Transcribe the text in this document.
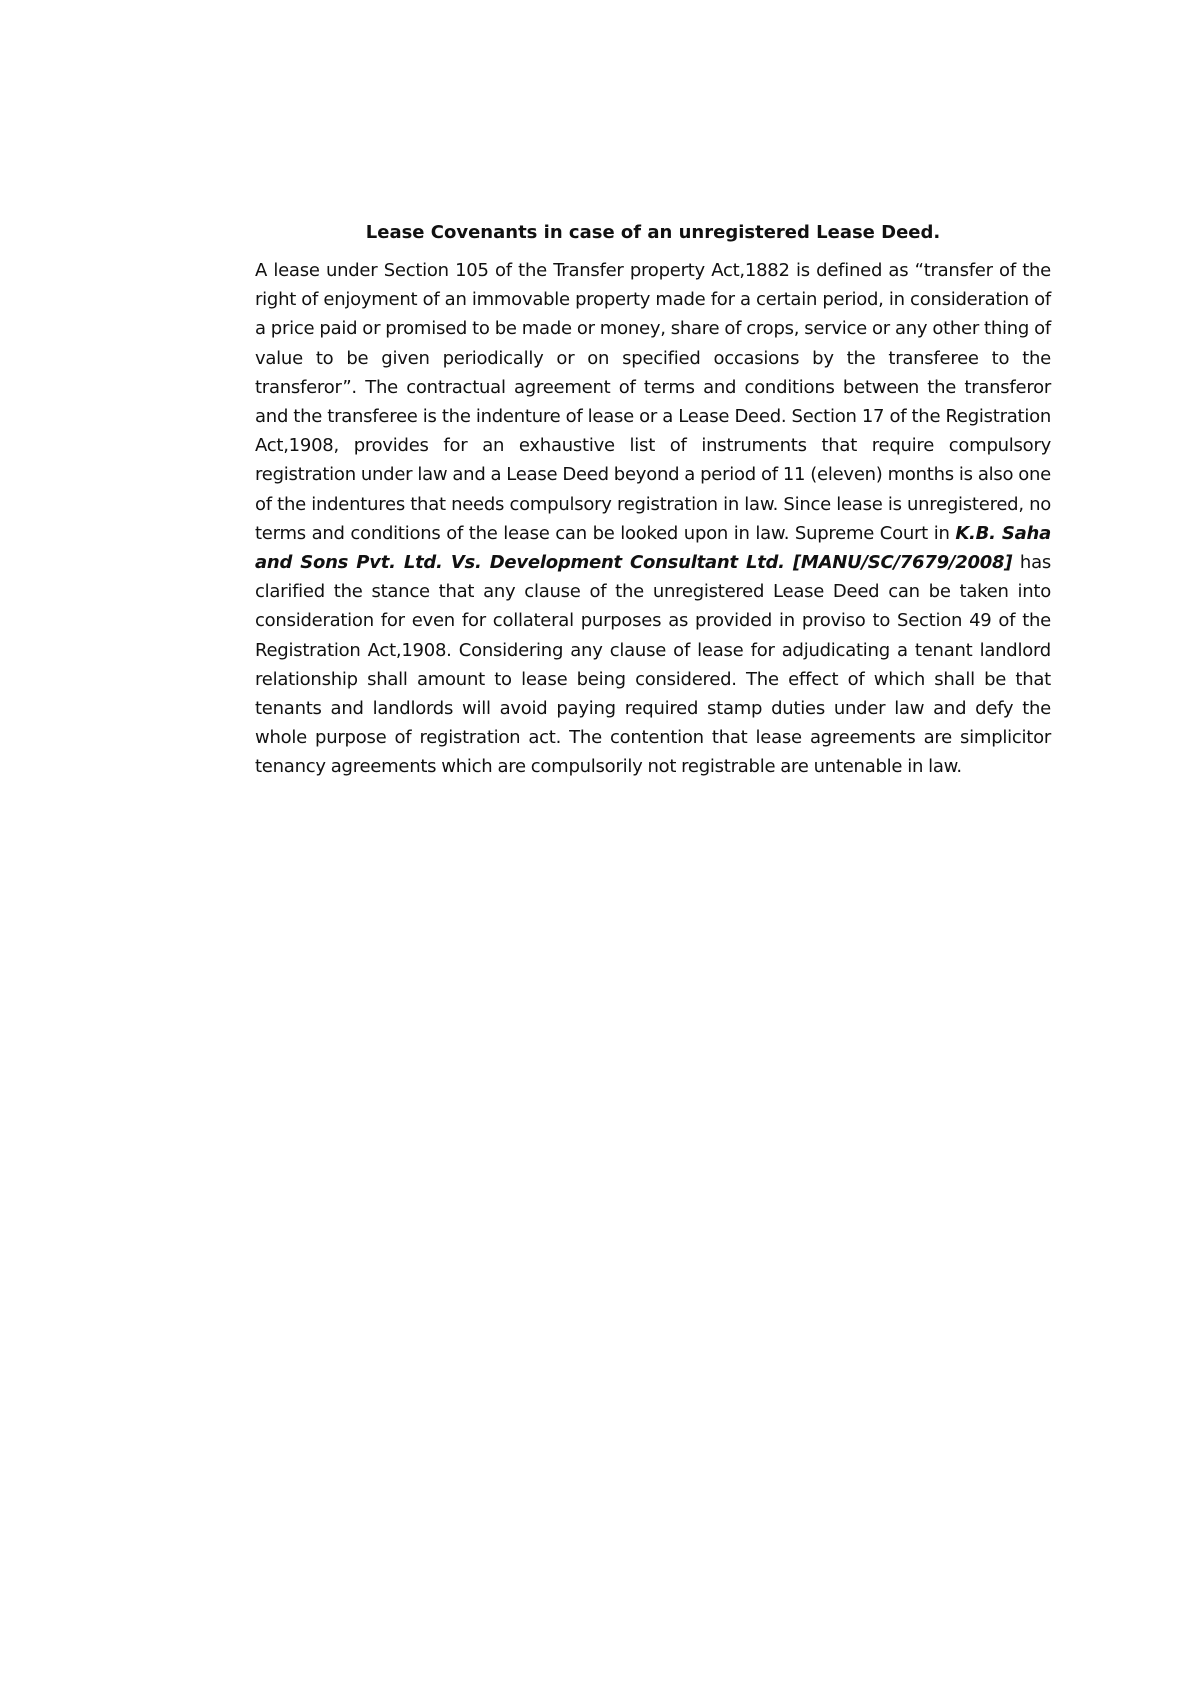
Lease Covenants in case of an unregistered Lease Deed.

A lease under Section 105 of the Transfer property Act,1882 is defined as “transfer of the right of enjoyment of an immovable property made for a certain period, in consideration of a price paid or promised to be made or money, share of crops, service or any other thing of value to be given periodically or on specified occasions by the transferee to the transferor”. The contractual agreement of terms and conditions between the transferor and the transferee is the indenture of lease or a Lease Deed. Section 17 of the Registration Act,1908, provides for an exhaustive list of instruments that require compulsory registration under law and a Lease Deed beyond a period of 11 (eleven) months is also one of the indentures that needs compulsory registration in law. Since lease is unregistered, no terms and conditions of the lease can be looked upon in law. Supreme Court in K.B. Saha and Sons Pvt. Ltd. Vs. Development Consultant Ltd. [MANU/SC/7679/2008] has clarified the stance that any clause of the unregistered Lease Deed can be taken into consideration for even for collateral purposes as provided in proviso to Section 49 of the Registration Act,1908. Considering any clause of lease for adjudicating a tenant landlord relationship shall amount to lease being considered. The effect of which shall be that tenants and landlords will avoid paying required stamp duties under law and defy the whole purpose of registration act. The contention that lease agreements are simplicitor tenancy agreements which are compulsorily not registrable are untenable in law.
